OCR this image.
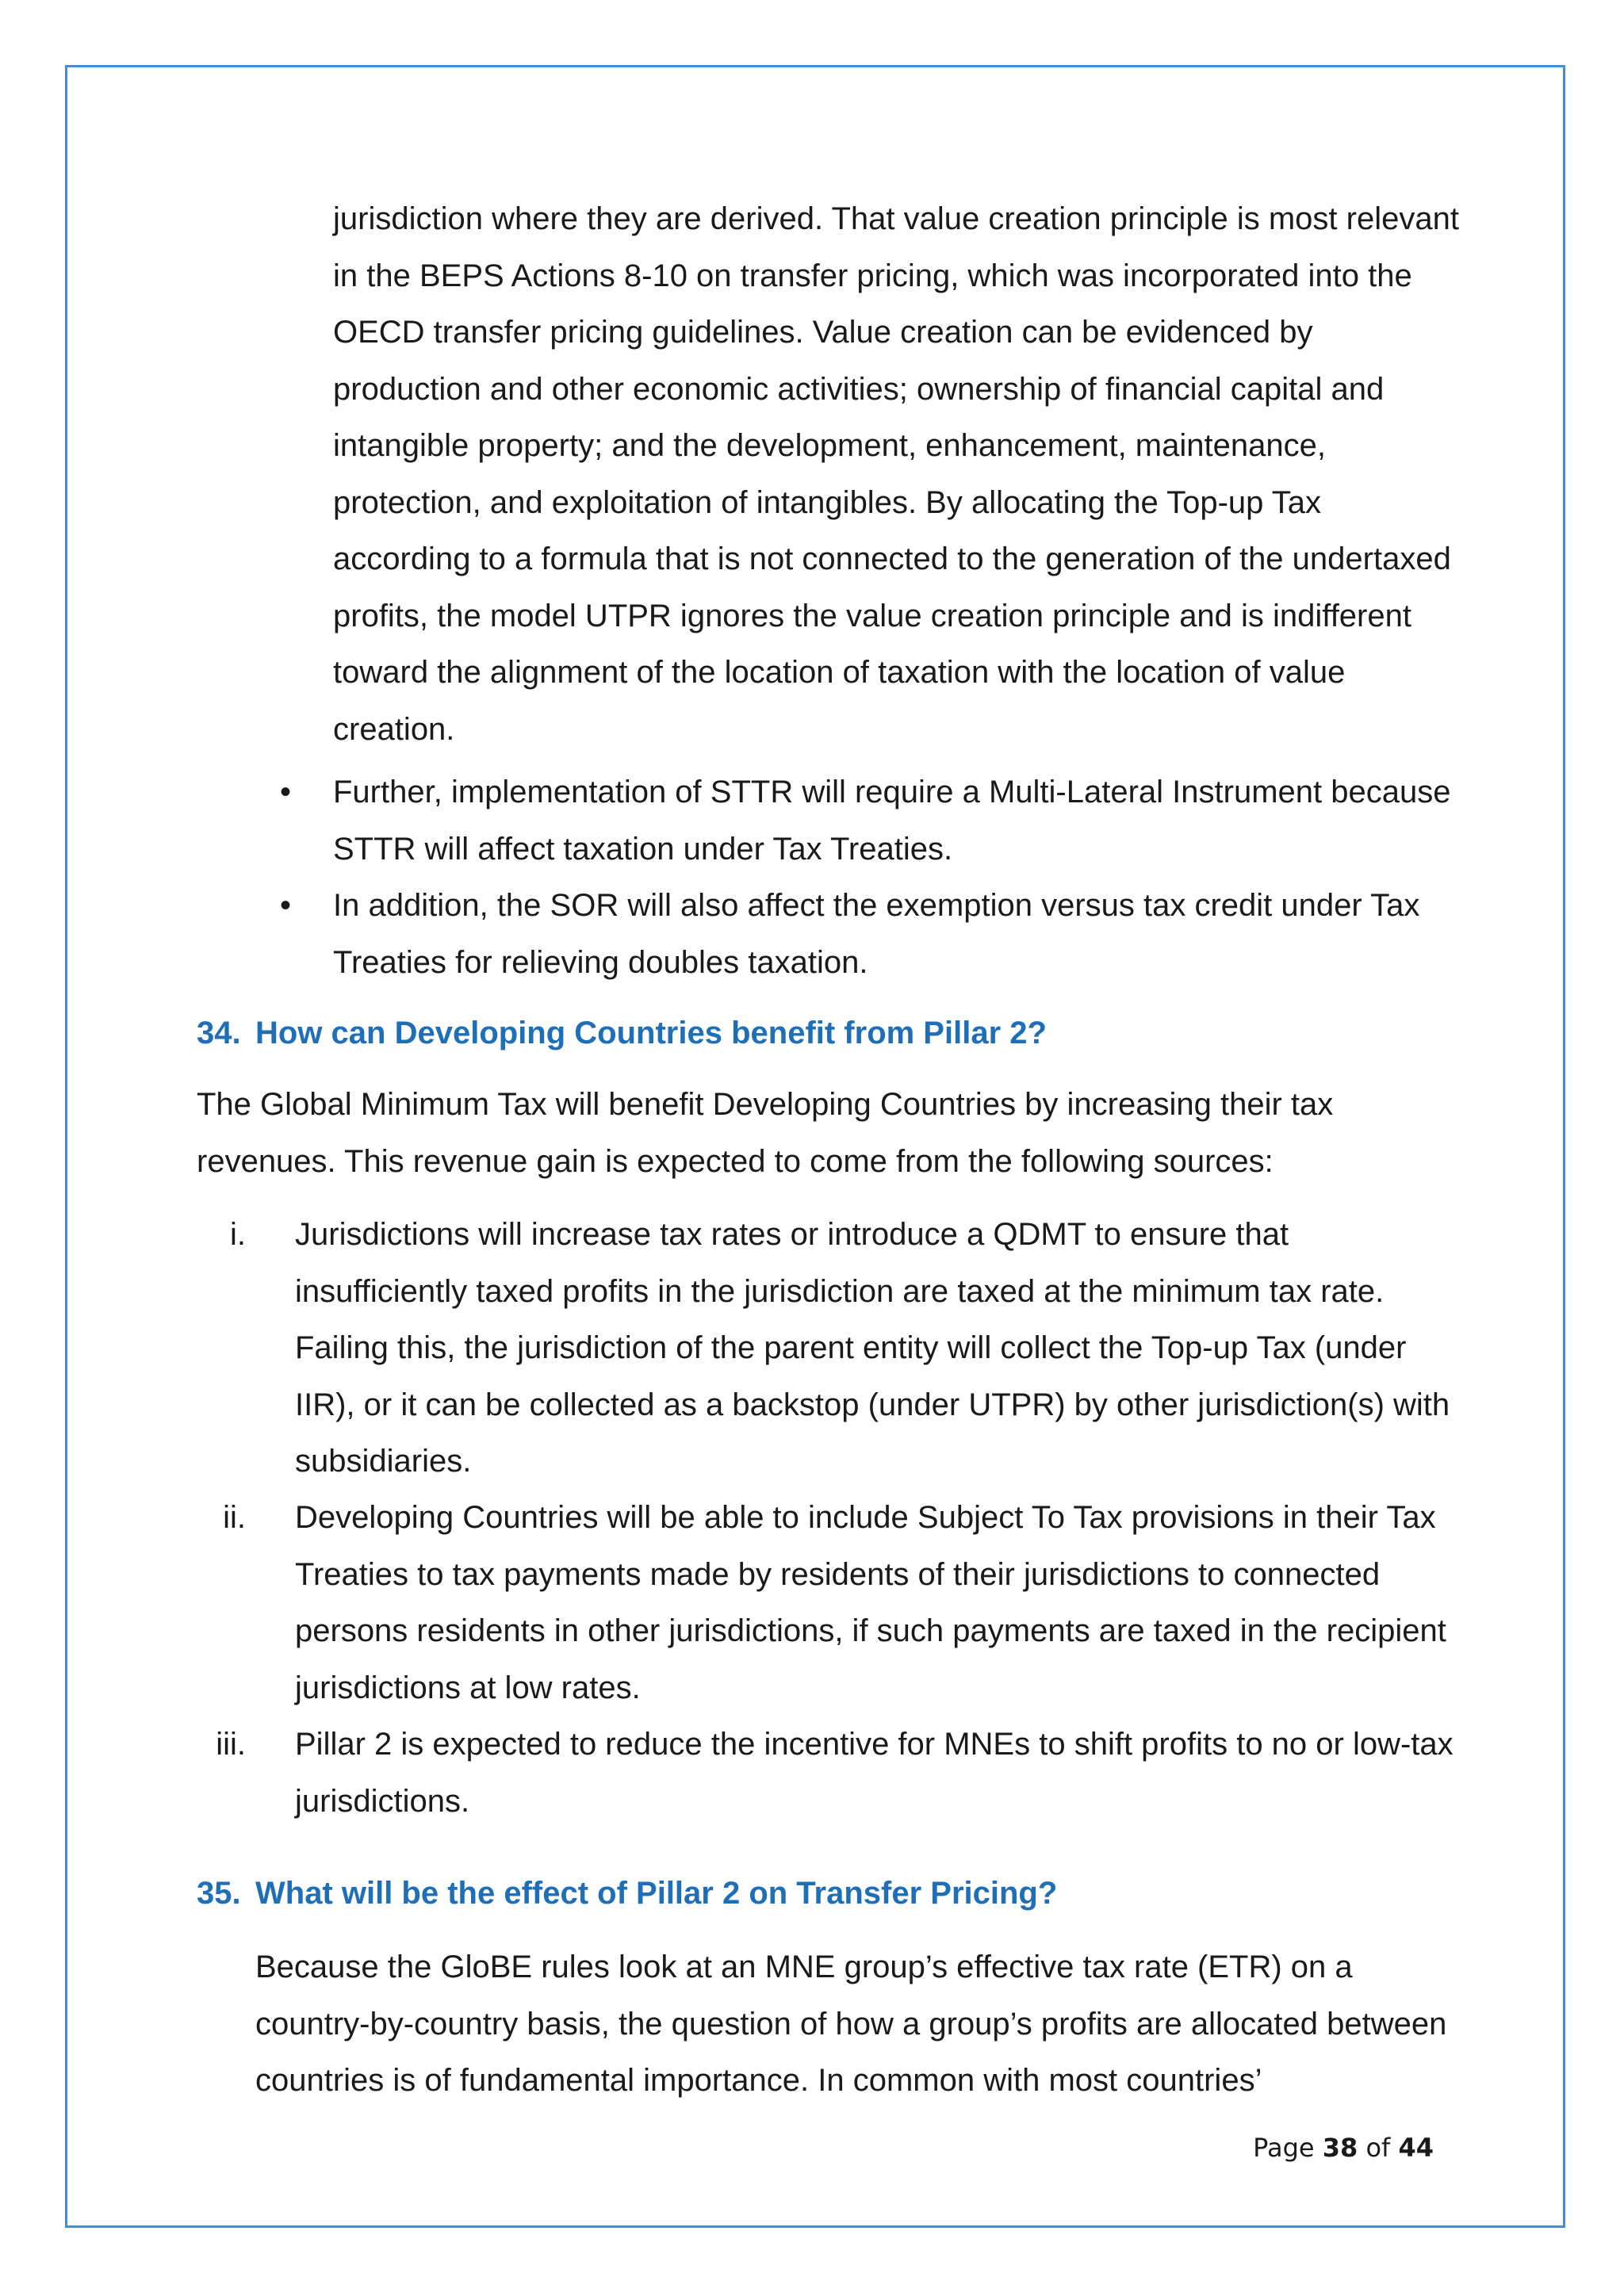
jurisdiction where they are derived. That value creation principle is most relevant in the BEPS Actions 8-10 on transfer pricing, which was incorporated into the OECD transfer pricing guidelines. Value creation can be evidenced by production and other economic activities; ownership of financial capital and intangible property; and the development, enhancement, maintenance, protection, and exploitation of intangibles. By allocating the Top-up Tax according to a formula that is not connected to the generation of the undertaxed profits, the model UTPR ignores the value creation principle and is indifferent toward the alignment of the location of taxation with the location of value creation.

•	Further, implementation of STTR will require a Multi-Lateral Instrument because STTR will affect taxation under Tax Treaties.
•	In addition, the SOR will also affect the exemption versus tax credit under Tax Treaties for relieving doubles taxation.
34. How can Developing Countries benefit from Pillar 2?
The Global Minimum Tax will benefit Developing Countries by increasing their tax revenues. This revenue gain is expected to come from the following sources:
i. Jurisdictions will increase tax rates or introduce a QDMT to ensure that insufficiently taxed profits in the jurisdiction are taxed at the minimum tax rate. Failing this, the jurisdiction of the parent entity will collect the Top-up Tax (under IIR), or it can be collected as a backstop (under UTPR) by other jurisdiction(s) with subsidiaries.
ii. Developing Countries will be able to include Subject To Tax provisions in their Tax Treaties to tax payments made by residents of their jurisdictions to connected persons residents in other jurisdictions, if such payments are taxed in the recipient jurisdictions at low rates.
iii. Pillar 2 is expected to reduce the incentive for MNEs to shift profits to no or low-tax jurisdictions.
35. What will be the effect of Pillar 2 on Transfer Pricing?
Because the GloBE rules look at an MNE group’s effective tax rate (ETR) on a country-by-country basis, the question of how a group’s profits are allocated between countries is of fundamental importance. In common with most countries’
Page 38 of 44
